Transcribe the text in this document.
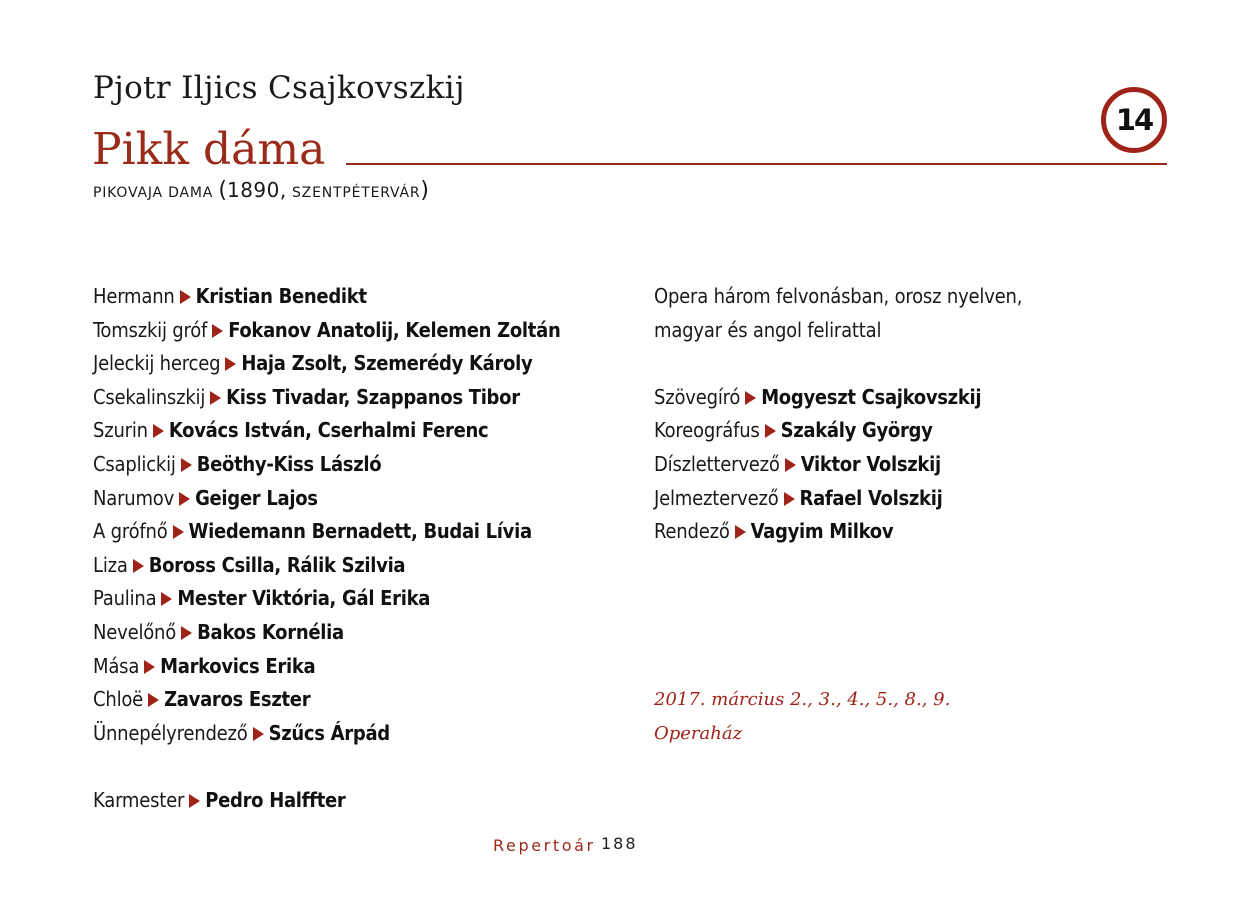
Pjotr Iljics Csajkovszkij
Pikk dáma
14
PIKOVAJA DAMA (1890, SZENTPÉTERVÁR)
Hermann Kristian Benedikt
Tomszkij gróf Fokanov Anatolij, Kelemen Zoltán
Jeleckij herceg Haja Zsolt, Szemerédy Károly
Csekalinszkij Kiss Tivadar, Szappanos Tibor
Szurin Kovács István, Cserhalmi Ferenc
Csaplickij Beöthy-Kiss László
Narumov Geiger Lajos
A grófnő Wiedemann Bernadett, Budai Lívia
Liza Boross Csilla, Rálik Szilvia
Paulina Mester Viktória, Gál Erika
Nevelőnő Bakos Kornélia
Mása Markovics Erika
Chloë Zavaros Eszter
Ünnepélyrendező Szűcs Árpád
Karmester Pedro Halffter
Opera három felvonásban, orosz nyelven,
magyar és angol felirattal
Szövegíró Mogyeszt Csajkovszkij
Koreográfus Szakály György
Díszlettervező Viktor Volszkij
Jelmeztervező Rafael Volszkij
Rendező Vagyim Milkov
2017. március 2., 3., 4., 5., 8., 9.
Operaház
Repertoár 188
